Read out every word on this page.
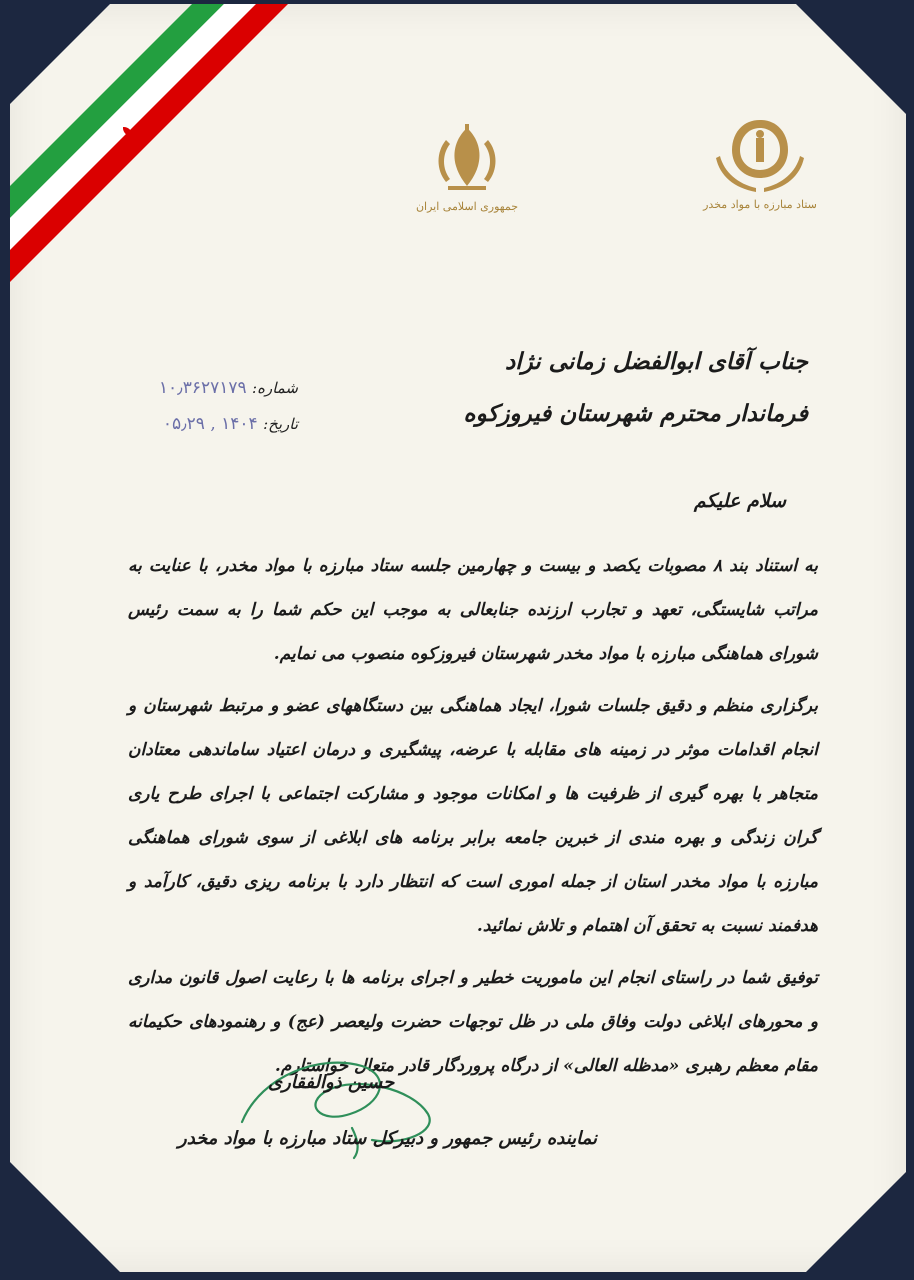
جمهوری اسلامی ایران	ستاد مبارزه با مواد مخدر
شماره: ۱۰٫۳۶۲۷۱۷۹
تاریخ: ۱۴۰۴ , ۰۵٫۲۹
جناب آقای ابوالفضل زمانی نژاد
فرماندار محترم شهرستان فیروزکوه
سلام علیکم

به استناد بند ۸ مصوبات یکصد و بیست و چهارمین جلسه ستاد مبارزه با مواد مخدر، با عنایت به مراتب شایستگی، تعهد و تجارب ارزنده جنابعالی به موجب این حکم شما را به سمت رئیس شورای هماهنگی مبارزه با مواد مخدر شهرستان فیروزکوه منصوب می نمایم.

برگزاری منظم و دقیق جلسات شورا، ایجاد هماهنگی بین دستگاههای عضو و مرتبط شهرستان و انجام اقدامات موثر در زمینه های مقابله با عرضه، پیشگیری و درمان اعتیاد ساماندهی معتادان متجاهر با بهره گیری از ظرفیت ها و امکانات موجود و مشارکت اجتماعی با اجرای طرح یاری گران زندگی و بهره مندی از خبرین جامعه برابر برنامه های ابلاغی از سوی شورای هماهنگی مبارزه با مواد مخدر استان از جمله اموری است که انتظار دارد با برنامه ریزی دقیق، کارآمد و هدفمند نسبت به تحقق آن اهتمام و تلاش نمائید.

توفیق شما در راستای انجام این ماموریت خطیر و اجرای برنامه ها با رعایت اصول قانون مداری و محورهای ابلاغی دولت وفاق ملی در ظل توجهات حضرت ولیعصر (عج) و رهنمودهای حکیمانه مقام معظم رهبری «مدظله العالی» از درگاه پروردگار قادر متعال خواستارم.

حسین ذوالفقاری
نماینده رئیس جمهور و دبیرکل ستاد مبارزه با مواد مخدر
